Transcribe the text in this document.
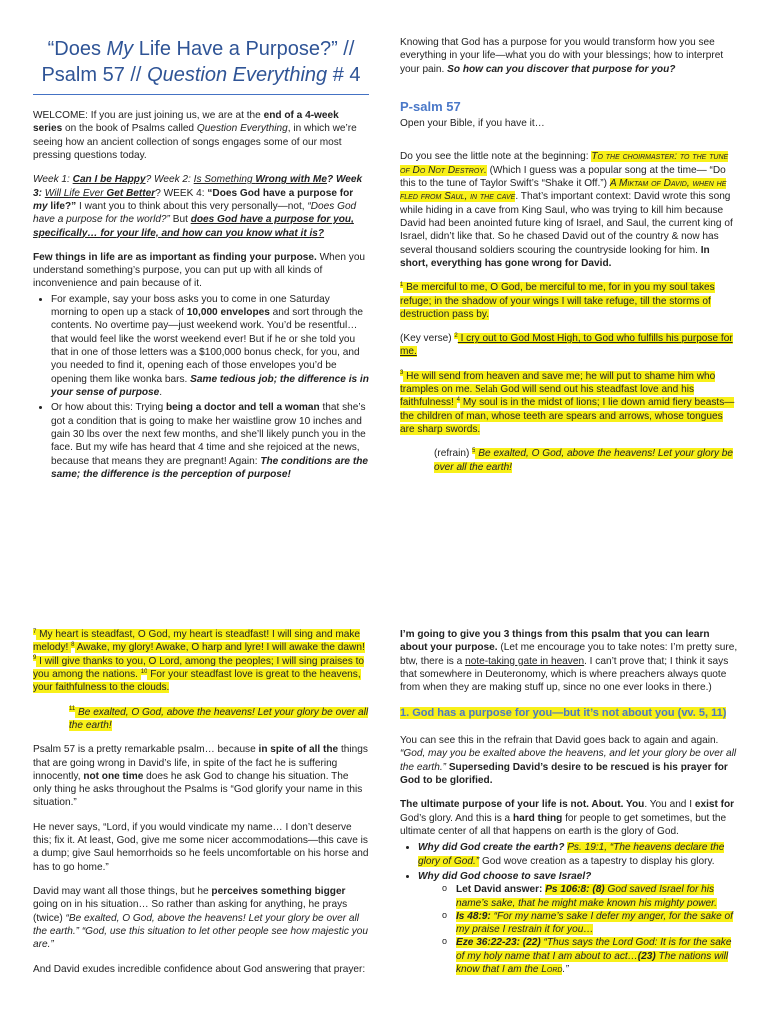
“Does My Life Have a Purpose?” //

Psalm 57 // Question Everything # 4

WELCOME: If you are just joining us, we are at the end of a 4-week series on the book of Psalms called Question Everything, in which we’re seeing how an ancient collection of songs engages some of our most pressing questions today.

Week 1: Can I be Happy? Week 2: Is Something Wrong with Me? Week 3: Will Life Ever Get Better? WEEK 4: “Does God have a purpose for my life?” I want you to think about this very personally—not, “Does God have a purpose for the world?” But does God have a purpose for you, specifically… for your life, and how can you know what it is?

Few things in life are as important as finding your purpose. When you understand something’s purpose, you can put up with all kinds of inconvenience and pain because of it.

• For example, say your boss asks you to come in one Saturday morning to open up a stack of 10,000 envelopes and sort through the contents. No overtime pay—just weekend work. You’d be resentful… that would feel like the worst weekend ever! But if he or she told you that in one of those letters was a $100,000 bonus check, for you, and you needed to find it, opening each of those envelopes you’d be opening them like wonka bars. Same tedious job; the difference is in your sense of purpose.
• Or how about this: Trying being a doctor and tell a woman that she’s got a condition that is going to make her waistline grow 10 inches and gain 30 lbs over the next few months, and she’ll likely punch you in the face. But my wife has heard that 4 time and she rejoiced at the news, because that means they are pregnant! Again: The conditions are the same; the difference is the perception of purpose!

Knowing that God has a purpose for you would transform how you see everything in your life—what you do with your blessings; how to interpret your pain. So how can you discover that purpose for you?

P-salm 57

Open your Bible, if you have it…

Do you see the little note at the beginning: To the choirmaster: to the tune of Do Not Destroy. (Which I guess was a popular song at the time— “Do this to the tune of Taylor Swift’s “Shake it Off.”) A Miktam of David, when he fled from Saul, in the cave. That’s important context: David wrote this song while hiding in a cave from King Saul, who was trying to kill him because David had been anointed future king of Israel, and Saul, the current king of Israel, didn’t like that. So he chased David out of the country & now has several thousand soldiers scouring the countryside looking for him. In short, everything has gone wrong for David.

$^1$ Be merciful to me, O God, be merciful to me, for in you my soul takes refuge; in the shadow of your wings I will take refuge, till the storms of destruction pass by.

(Key verse) $^2$ I cry out to God Most High, to God who fulfills his purpose for me.

$^3$ He will send from heaven and save me; he will put to shame him who tramples on me. Selah God will send out his steadfast love and his faithfulness! $^4$ My soul is in the midst of lions; I lie down amid fiery beasts— the children of man, whose teeth are spears and arrows, whose tongues are sharp swords.

(refrain) $^5$ Be exalted, O God, above the heavens! Let your glory be over all the earth!

$^7$ My heart is steadfast, O God, my heart is steadfast! I will sing and make melody! $^8$ Awake, my glory! Awake, O harp and lyre! I will awake the dawn! $^9$ I will give thanks to you, O Lord, among the peoples; I will sing praises to you among the nations. $^{10}$ For your steadfast love is great to the heavens, your faithfulness to the clouds.

$^{11}$ Be exalted, O God, above the heavens! Let your glory be over all the earth!

Psalm 57 is a pretty remarkable psalm… because in spite of all the things that are going wrong in David’s life, in spite of the fact he is suffering innocently, not one time does he ask God to change his situation. The only thing he asks throughout the Psalms is “God glorify your name in this situation.”

He never says, “Lord, if you would vindicate my name… I don’t deserve this; fix it. At least, God, give me some nicer accommodations—this cave is a dump; give Saul hemorrhoids so he feels uncomfortable on his horse and has to go home.”

David may want all those things, but he perceives something bigger going on in his situation… So rather than asking for anything, he prays (twice) “Be exalted, O God, above the heavens! Let your glory be over all the earth.” “God, use this situation to let other people see how majestic you are.”

And David exudes incredible confidence about God answering that prayer:

I’m going to give you 3 things from this psalm that you can learn about your purpose. (Let me encourage you to take notes: I’m pretty sure, btw, there is a note-taking gate in heaven. I can’t prove that; I think it says that somewhere in Deuteronomy, which is where preachers always quote from when they are making stuff up, since no one ever looks in there.)

1. God has a purpose for you—but it’s not about you (vv. 5, 11)

You can see this in the refrain that David goes back to again and again. “God, may you be exalted above the heavens, and let your glory be over all the earth.” Superseding David’s desire to be rescued is his prayer for God to be glorified.

The ultimate purpose of your life is not. About. You. You and I exist for God’s glory. And this is a hard thing for people to get sometimes, but the ultimate center of all that happens on earth is the glory of God.

• Why did God create the earth? Ps. 19:1, “The heavens declare the glory of God.” God wove creation as a tapestry to display his glory.
• Why did God choose to save Israel?
o Let David answer: Ps 106:8: (8) God saved Israel for his name’s sake, that he might make known his mighty power.
o Is 48:9: “For my name’s sake I defer my anger, for the sake of my praise I restrain it for you…
o Eze 36:22-23: (22) “Thus says the Lord God: It is for the sake of my holy name that I am about to act…(23) The nations will know that I am the Lord.”
